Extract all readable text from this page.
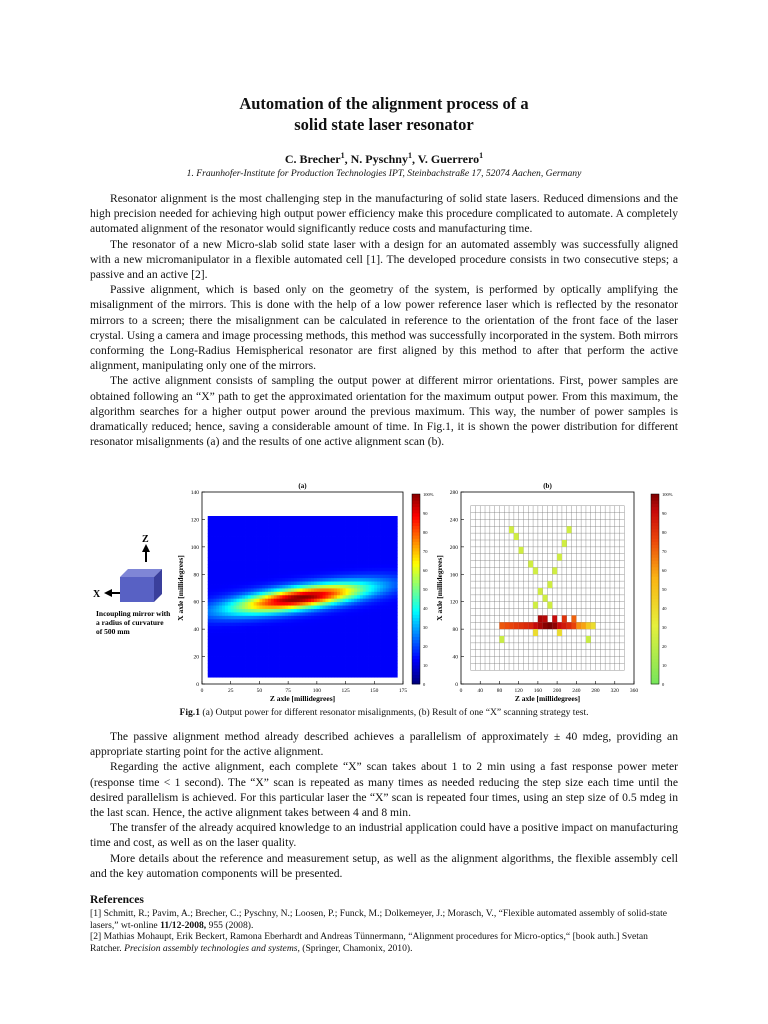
Automation of the alignment process of a
solid state laser resonator
C. Brecher$^1$, N. Pyschny$^1$, V. Guerrero$^1$
1. Fraunhofer-Institute for Production Technologies IPT, Steinbachstraße 17, 52074 Aachen, Germany

Resonator alignment is the most challenging step in the manufacturing of solid state lasers. Reduced dimensions and the high precision needed for achieving high output power efficiency make this procedure complicated to automate. A completely automated alignment of the resonator would significantly reduce costs and manufacturing time.

The resonator of a new Micro-slab solid state laser with a design for an automated assembly was successfully aligned with a new micromanipulator in a flexible automated cell [1]. The developed procedure consists in two consecutive steps; a passive and an active [2].

Passive alignment, which is based only on the geometry of the system, is performed by optically amplifying the misalignment of the mirrors. This is done with the help of a low power reference laser which is reflected by the resonator mirrors to a screen; there the misalignment can be calculated in reference to the orientation of the front face of the laser crystal. Using a camera and image processing methods, this method was successfully incorporated in the system. Both mirrors conforming the Long-Radius Hemispherical resonator are first aligned by this method to after that perform the active alignment, manipulating only one of the mirrors.

The active alignment consists of sampling the output power at different mirror orientations. First, power samples are obtained following an “X” path to get the approximated orientation for the maximum output power. From this maximum, the algorithm searches for a higher output power around the previous maximum. This way, the number of power samples is dramatically reduced; hence, saving a considerable amount of time. In Fig.1, it is shown the power distribution for different resonator misalignments (a) and the results of one active alignment scan (b).

Z
X
Incoupling mirror with
a radius of curvature
of 500 mm
(a)
0	25	50	75	100	125	150	175
0
20
40
60
80
100
120
140
Z axle [millidegrees]
X axle [millidegrees]
100%
90
80
70
60
50
40
30
20
10
0
(b)
0	40 80 120 160 200 240 280 320 360
0
40
80
120
160
200
240
280
Z axle [millidegrees]
X axle [millidegrees]
100%
90
80
70
60
50
40
30
20
10
0
Fig.1 (a) Output power for different resonator misalignments, (b) Result of one “X” scanning strategy test.

The passive alignment method already described achieves a parallelism of approximately ± 40 mdeg, providing an appropriate starting point for the active alignment.

Regarding the active alignment, each complete “X” scan takes about 1 to 2 min using a fast response power meter (response time < 1 second). The “X” scan is repeated as many times as needed reducing the step size each time until the desired parallelism is achieved. For this particular laser the “X” scan is repeated four times, using an step size of 0.5 mdeg in the last scan. Hence, the active alignment takes between 4 and 8 min.

The transfer of the already acquired knowledge to an industrial application could have a positive impact on manufacturing time and cost, as well as on the laser quality.

More details about the reference and measurement setup, as well as the alignment algorithms, the flexible assembly cell and the key automation components will be presented.

References
[1] Schmitt, R.; Pavim, A.; Brecher, C.; Pyschny, N.; Loosen, P.; Funck, M.; Dolkemeyer, J.; Morasch, V., “Flexible automated assembly of solid-state lasers,” wt-online 11/12-2008, 955 (2008).
[2] Mathias Mohaupt, Erik Beckert, Ramona Eberhardt and Andreas Tünnermann, “Alignment procedures for Micro-optics,“ [book auth.] Svetan Ratcher. Precision assembly technologies and systems, (Springer, Chamonix, 2010).
